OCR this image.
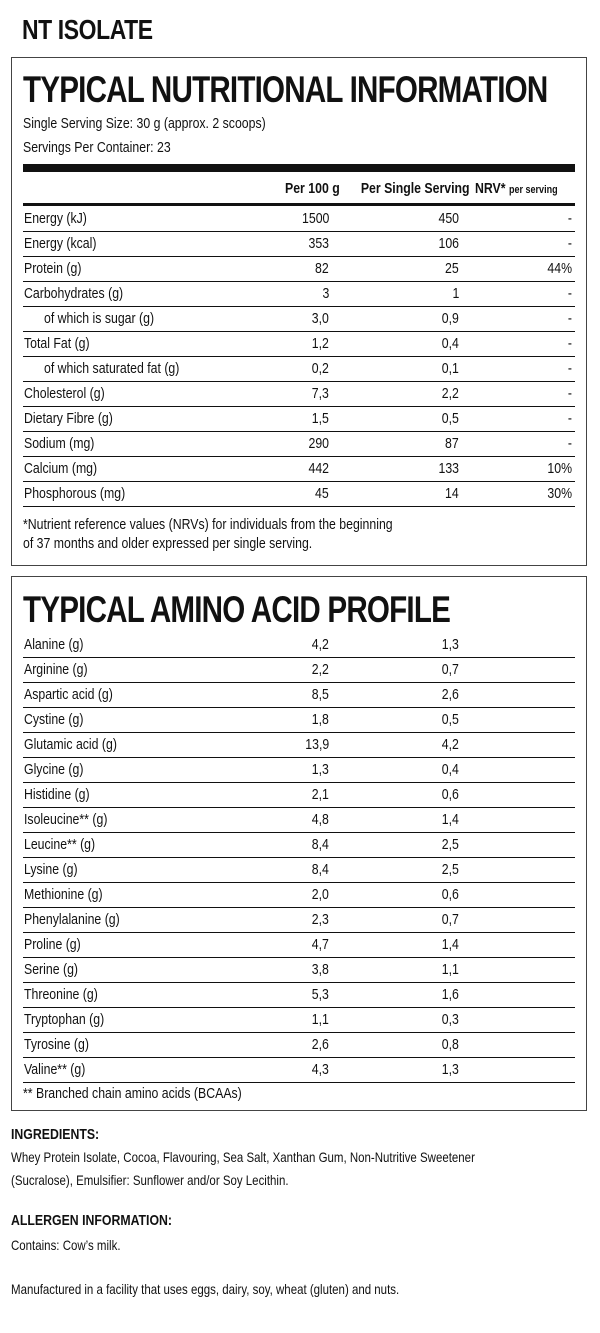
NT ISOLATE
TYPICAL NUTRITIONAL INFORMATION
Single Serving Size: 30 g (approx. 2 scoops)
Servings Per Container: 23
Per 100 g Per Single Serving NRV* per serving
Energy (kJ)	1500	450	-
Energy (kcal)	353	106	-
Protein (g)	82	25	44%
Carbohydrates (g)	3	1	-
of which is sugar (g)	3,0	0,9	-
Total Fat (g)	1,2	0,4	-
of which saturated fat (g)	0,2	0,1	-
Cholesterol (g)	7,3	2,2	-
Dietary Fibre (g)	1,5	0,5	-
Sodium (mg)	290	87	-
Calcium (mg)	442	133	10%
Phosphorous (mg)	45	14	30%
*Nutrient reference values (NRVs) for individuals from the beginning
of 37 months and older expressed per single serving.
TYPICAL AMINO ACID PROFILE
Alanine (g)	4,2	1,3
Arginine (g)	2,2	0,7
Aspartic acid (g)	8,5	2,6
Cystine (g)	1,8	0,5
Glutamic acid (g)	13,9	4,2
Glycine (g)	1,3	0,4
Histidine (g)	2,1	0,6
Isoleucine** (g)	4,8	1,4
Leucine** (g)	8,4	2,5
Lysine (g)	8,4	2,5
Methionine (g)	2,0	0,6
Phenylalanine (g)	2,3	0,7
Proline (g)	4,7	1,4
Serine (g)	3,8	1,1
Threonine (g)	5,3	1,6
Tryptophan (g)	1,1	0,3
Tyrosine (g)	2,6	0,8
Valine** (g)	4,3	1,3
** Branched chain amino acids (BCAAs)
INGREDIENTS:
Whey Protein Isolate, Cocoa, Flavouring, Sea Salt, Xanthan Gum, Non-Nutritive Sweetener
(Sucralose), Emulsifier: Sunflower and/or Soy Lecithin.
ALLERGEN INFORMATION:
Contains: Cow’s milk.
Manufactured in a facility that uses eggs, dairy, soy, wheat (gluten) and nuts.
